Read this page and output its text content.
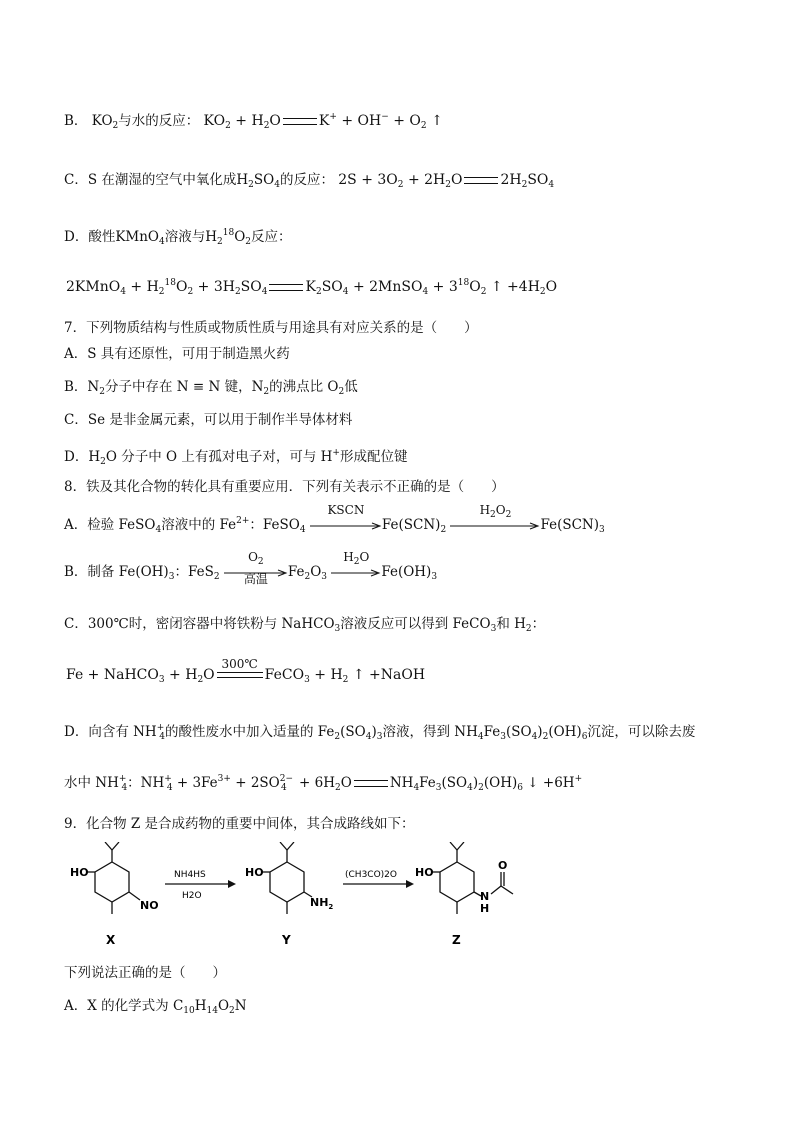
B． $KO_2$与水的反应： $KO_2 + H_2O$	$K^+ + OH^- + O_2$ ↑
C．S 在潮湿的空气中氧化成$H_2SO_4$的反应： $2S + 3O_2 + 2H_2O$	$2H_2SO_4$
D．酸性KMnO$_4$溶液与$H_2^{18}O_2$反应：
2KMnO$_4$ + $H_2^{18}O_2 + 3H_2SO_4$	$K_2SO_4$ + 2MnSO$_4$ + $3^{18}O_2$ ↑ $+4H_2O$
7．下列物质结构与性质或物质性质与用途具有对应关系的是（　　）
A．S 具有还原性，可用于制造黑火药
B．$N_2$分子中存在 N ≡ N 键，$N_2$的沸点比 $O_2$低
C．Se 是非金属元素，可以用于制作半导体材料
D．$H_2O$ 分子中 O 上有孤对电子对，可与 H+形成配位键
8．铁及其化合物的转化具有重要应用．下列有关表示不正确的是（　　）
A．检验 FeSO$_4$溶液中的 $Fe^{2+}$：FeSO$_4$
KSCN
$Fe(SCN)_2$
$H_2O_2$
$Fe(SCN)_3$
B．制备 $Fe(OH)_3$：FeS$_2$
$O_2$
高温	$Fe_2O_3$
$H_2O$
$Fe(OH)_3$
C．300℃时，密闭容器中将铁粉与 NaHCO$_3$溶液反应可以得到 FeCO$_3$和 $H_2$：
Fe + NaHCO$_3$ + $H_2O$
300℃
FeCO$_3$ + $H_2$ ↑ +NaOH
D．向含有 $NH^+_4$的酸性废水中加入适量的 $Fe_2(SO_4)_3$溶液，得到 $NH_4Fe_3(SO_4)_2(OH)_6$沉淀，可以除去废
水中 $NH^+_4$：$NH^+_4 + 3Fe^{3+} + 2SO^{2-}_4 + 6H_2O$	$NH_4Fe_3(SO_4)_2(OH)_6$ ↓ +6H+
9．化合物 Z 是合成药物的重要中间体，其合成路线如下：
HO
NO
NH4HS
H2O
HO
$NH_2$
(CH3CO)2O HO
N
H
O
X	Y	Z
下列说法正确的是（　　）
A．X 的化学式为 $C_{10}H_{14}O_2N$
